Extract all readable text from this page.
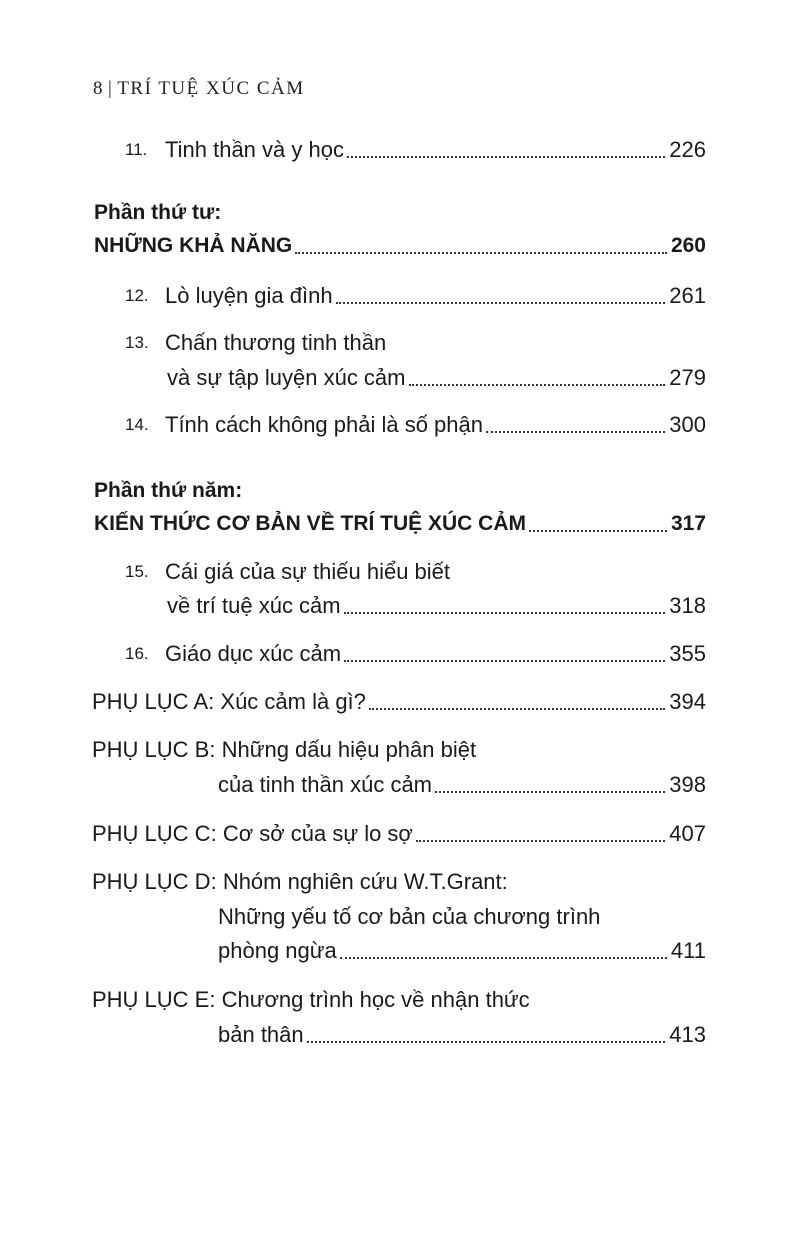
8 | TRÍ TUỆ XÚC CẢM
11. Tinh thần và y học	226
Phần thứ tư:
NHỮNG KHẢ NĂNG	260
12. Lò luyện gia đình	261
13. Chấn thương tinh thần
và sự tập luyện xúc cảm	279
14. Tính cách không phải là số phận	300
Phần thứ năm:
KIẾN THỨC CƠ BẢN VỀ TRÍ TUỆ XÚC CẢM	317
15. Cái giá của sự thiếu hiểu biết
về trí tuệ xúc cảm	318
16. Giáo dục xúc cảm	355
PHỤ LỤC A:
Xúc cảm là gì?	394
PHỤ LỤC B:
Những dấu hiệu phân biệt
của tinh thần xúc cảm	398
PHỤ LỤC C:
Cơ sở của sự lo sợ	407
PHỤ LỤC D:
Nhóm nghiên cứu W.T.Grant:
Những yếu tố cơ bản của chương trình
phòng ngừa	411
PHỤ LỤC E:
Chương trình học về nhận thức
bản thân	413
